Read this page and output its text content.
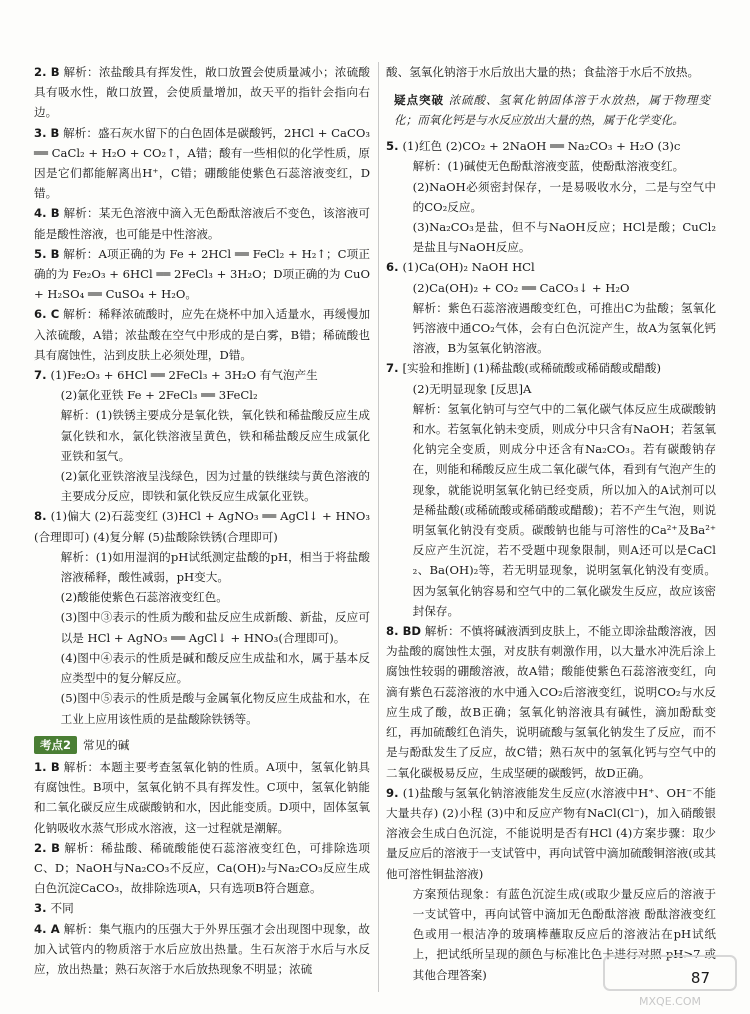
2. B 解析：浓盐酸具有挥发性，敞口放置会使质量减小；浓硫酸具有吸水性，敞口放置，会使质量增加，故天平的指针会指向右边。

3. B 解析：盛石灰水留下的白色固体是碳酸钙，2HCl + CaCO₃ ══ CaCl₂ + H₂O + CO₂↑，A错；酸有一些相似的化学性质，原因是它们都能解离出H⁺，C错；硼酸能使紫色石蕊溶液变红，D错。

4. B 解析：某无色溶液中滴入无色酚酞溶液后不变色，该溶液可能是酸性溶液，也可能是中性溶液。

5. B 解析：A项正确的为 Fe + 2HCl ══ FeCl₂ + H₂↑；C项正确的为 Fe₂O₃ + 6HCl ══ 2FeCl₃ + 3H₂O；D项正确的为 CuO + H₂SO₄ ══ CuSO₄ + H₂O。

6. C 解析：稀释浓硫酸时，应先在烧杯中加入适量水，再缓慢加入浓硫酸，A错；浓盐酸在空气中形成的是白雾，B错；稀硫酸也具有腐蚀性，沾到皮肤上必须处理，D错。

7. (1)Fe₂O₃ + 6HCl ══ 2FeCl₃ + 3H₂O 有气泡产生

(2)氯化亚铁 Fe + 2FeCl₃ ══ 3FeCl₂

解析：(1)铁锈主要成分是氧化铁，氧化铁和稀盐酸反应生成氯化铁和水，氯化铁溶液呈黄色，铁和稀盐酸反应生成氯化亚铁和氢气。

(2)氯化亚铁溶液呈浅绿色，因为过量的铁继续与黄色溶液的主要成分反应，即铁和氯化铁反应生成氯化亚铁。

8. (1)偏大 (2)石蕊变红 (3)HCl + AgNO₃ ══ AgCl↓ + HNO₃(合理即可) (4)复分解 (5)盐酸除铁锈(合理即可)

解析：(1)如用湿润的pH试纸测定盐酸的pH，相当于将盐酸溶液稀释，酸性减弱，pH变大。

(2)酸能使紫色石蕊溶液变红色。

(3)图中③表示的性质为酸和盐反应生成新酸、新盐，反应可以是 HCl + AgNO₃ ══ AgCl↓ + HNO₃(合理即可)。

(4)图中④表示的性质是碱和酸反应生成盐和水，属于基本反应类型中的复分解反应。

(5)图中⑤表示的性质是酸与金属氧化物反应生成盐和水，在工业上应用该性质的是盐酸除铁锈等。

考点2	常见的碱

1. B 解析：本题主要考查氢氧化钠的性质。A项中，氢氧化钠具有腐蚀性。B项中，氢氧化钠不具有挥发性。C项中，氢氧化钠能和二氧化碳反应生成碳酸钠和水，因此能变质。D项中，固体氢氧化钠吸收水蒸气形成水溶液，这一过程就是潮解。

2. B 解析：稀盐酸、稀硫酸能使石蕊溶液变红色，可排除选项C、D；NaOH与Na₂CO₃不反应，Ca(OH)₂与Na₂CO₃反应生成白色沉淀CaCO₃，故排除选项A，只有选项B符合题意。

3. 不同

4. A 解析：集气瓶内的压强大于外界压强才会出现图中现象，故加入试管内的物质溶于水后应放出热量。生石灰溶于水后与水反应，放出热量；熟石灰溶于水后放热现象不明显；浓硫

酸、氢氧化钠溶于水后放出大量的热；食盐溶于水后不放热。

疑点突破 浓硫酸、氢氧化钠固体溶于水放热，属于物理变化；而氧化钙是与水反应放出大量的热，属于化学变化。

5. (1)红色 (2)CO₂ + 2NaOH ══ Na₂CO₃ + H₂O (3)c

解析：(1)碱使无色酚酞溶液变蓝，使酚酞溶液变红。

(2)NaOH必须密封保存，一是易吸收水分，二是与空气中的CO₂反应。

(3)Na₂CO₃是盐，但不与NaOH反应；HCl是酸；CuCl₂是盐且与NaOH反应。

6. (1)Ca(OH)₂ NaOH HCl

(2)Ca(OH)₂ + CO₂ ══ CaCO₃↓ + H₂O

解析：紫色石蕊溶液遇酸变红色，可推出C为盐酸；氢氧化钙溶液中通CO₂气体，会有白色沉淀产生，故A为氢氧化钙溶液，B为氢氧化钠溶液。

7. [实验和推断] (1)稀盐酸(或稀硫酸或稀硝酸或醋酸)

(2)无明显现象 [反思]A

解析：氢氧化钠可与空气中的二氧化碳气体反应生成碳酸钠和水。若氢氧化钠未变质，则成分中只含有NaOH；若氢氧化钠完全变质，则成分中还含有Na₂CO₃。若有碳酸钠存在，则能和稀酸反应生成二氧化碳气体，看到有气泡产生的现象，就能说明氢氧化钠已经变质，所以加入的A试剂可以是稀盐酸(或稀硫酸或稀硝酸或醋酸)；若不产生气泡，则说明氢氧化钠没有变质。碳酸钠也能与可溶性的Ca²⁺及Ba²⁺反应产生沉淀，若不受题中现象限制，则A还可以是CaCl₂、Ba(OH)₂等，若无明显现象，说明氢氧化钠没有变质。因为氢氧化钠容易和空气中的二氧化碳发生反应，故应该密封保存。

8. BD 解析：不慎将碱液洒到皮肤上，不能立即涂盐酸溶液，因为盐酸的腐蚀性太强，对皮肤有刺激作用，以大量水冲洗后涂上腐蚀性较弱的硼酸溶液，故A错；酸能使紫色石蕊溶液变红，向滴有紫色石蕊溶液的水中通入CO₂后溶液变红，说明CO₂与水反应生成了酸，故B正确；氢氧化钠溶液具有碱性，滴加酚酞变红，再加硫酸红色消失，说明硫酸与氢氧化钠发生了反应，而不是与酚酞发生了反应，故C错；熟石灰中的氢氧化钙与空气中的二氧化碳极易反应，生成坚硬的碳酸钙，故D正确。

9. (1)盐酸与氢氧化钠溶液能发生反应(水溶液中H⁺、OH⁻不能大量共存) (2)小程 (3)中和反应产物有NaCl(Cl⁻)，加入硝酸银溶液会生成白色沉淀，不能说明是否有HCl (4)方案步骤：取少量反应后的溶液于一支试管中，再向试管中滴加硫酸铜溶液(或其他可溶性铜盐溶液)

方案预估现象：有蓝色沉淀生成(或取少量反应后的溶液于一支试管中，再向试管中滴加无色酚酞溶液 酚酞溶液变红色或用一根洁净的玻璃棒蘸取反应后的溶液沾在pH试纸上，把试纸所呈现的颜色与标准比色卡进行对照 pH>7 或其他合理答案)	87
MXQE.COM
